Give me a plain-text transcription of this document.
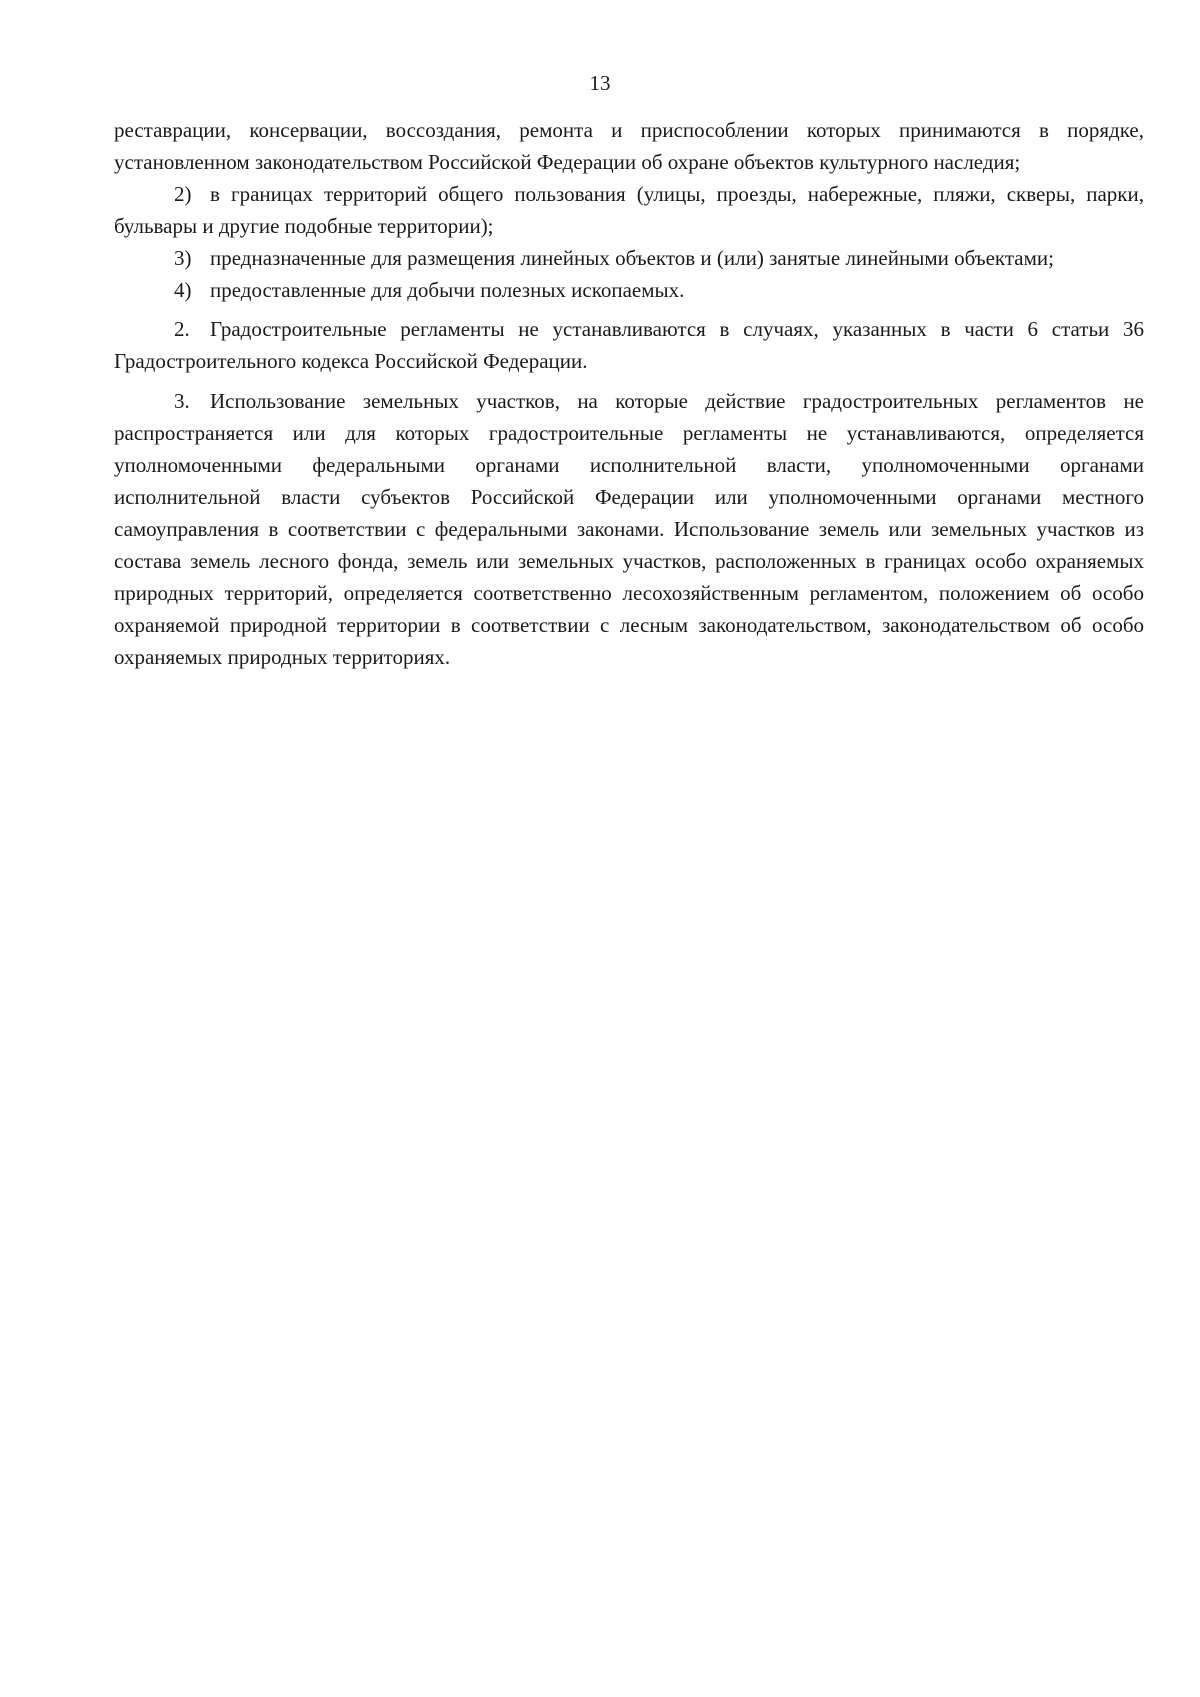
13

реставрации, консервации, воссоздания, ремонта и приспособлении которых принимаются в порядке, установленном законодательством Российской Федерации об охране объектов культурного наследия;

2) в границах территорий общего пользования (улицы, проезды, набережные, пляжи, скверы, парки, бульвары и другие подобные территории);

3) предназначенные для размещения линейных объектов и (или) занятые линейными объектами;

4) предоставленные для добычи полезных ископаемых.

2. Градостроительные регламенты не устанавливаются в случаях, указанных в части 6 статьи 36 Градостроительного кодекса Российской Федерации.

3. Использование земельных участков, на которые действие градостроительных регламентов не распространяется или для которых градостроительные регламенты не устанавливаются, определяется уполномоченными федеральными органами исполнительной власти, уполномоченными органами исполнительной власти субъектов Российской Федерации или уполномоченными органами местного самоуправления в соответствии с федеральными законами. Использование земель или земельных участков из состава земель лесного фонда, земель или земельных участков, расположенных в границах особо охраняемых природных территорий, определяется соответственно лесохозяйственным регламентом, положением об особо охраняемой природной территории в соответствии с лесным законодательством, законодательством об особо охраняемых природных территориях.
